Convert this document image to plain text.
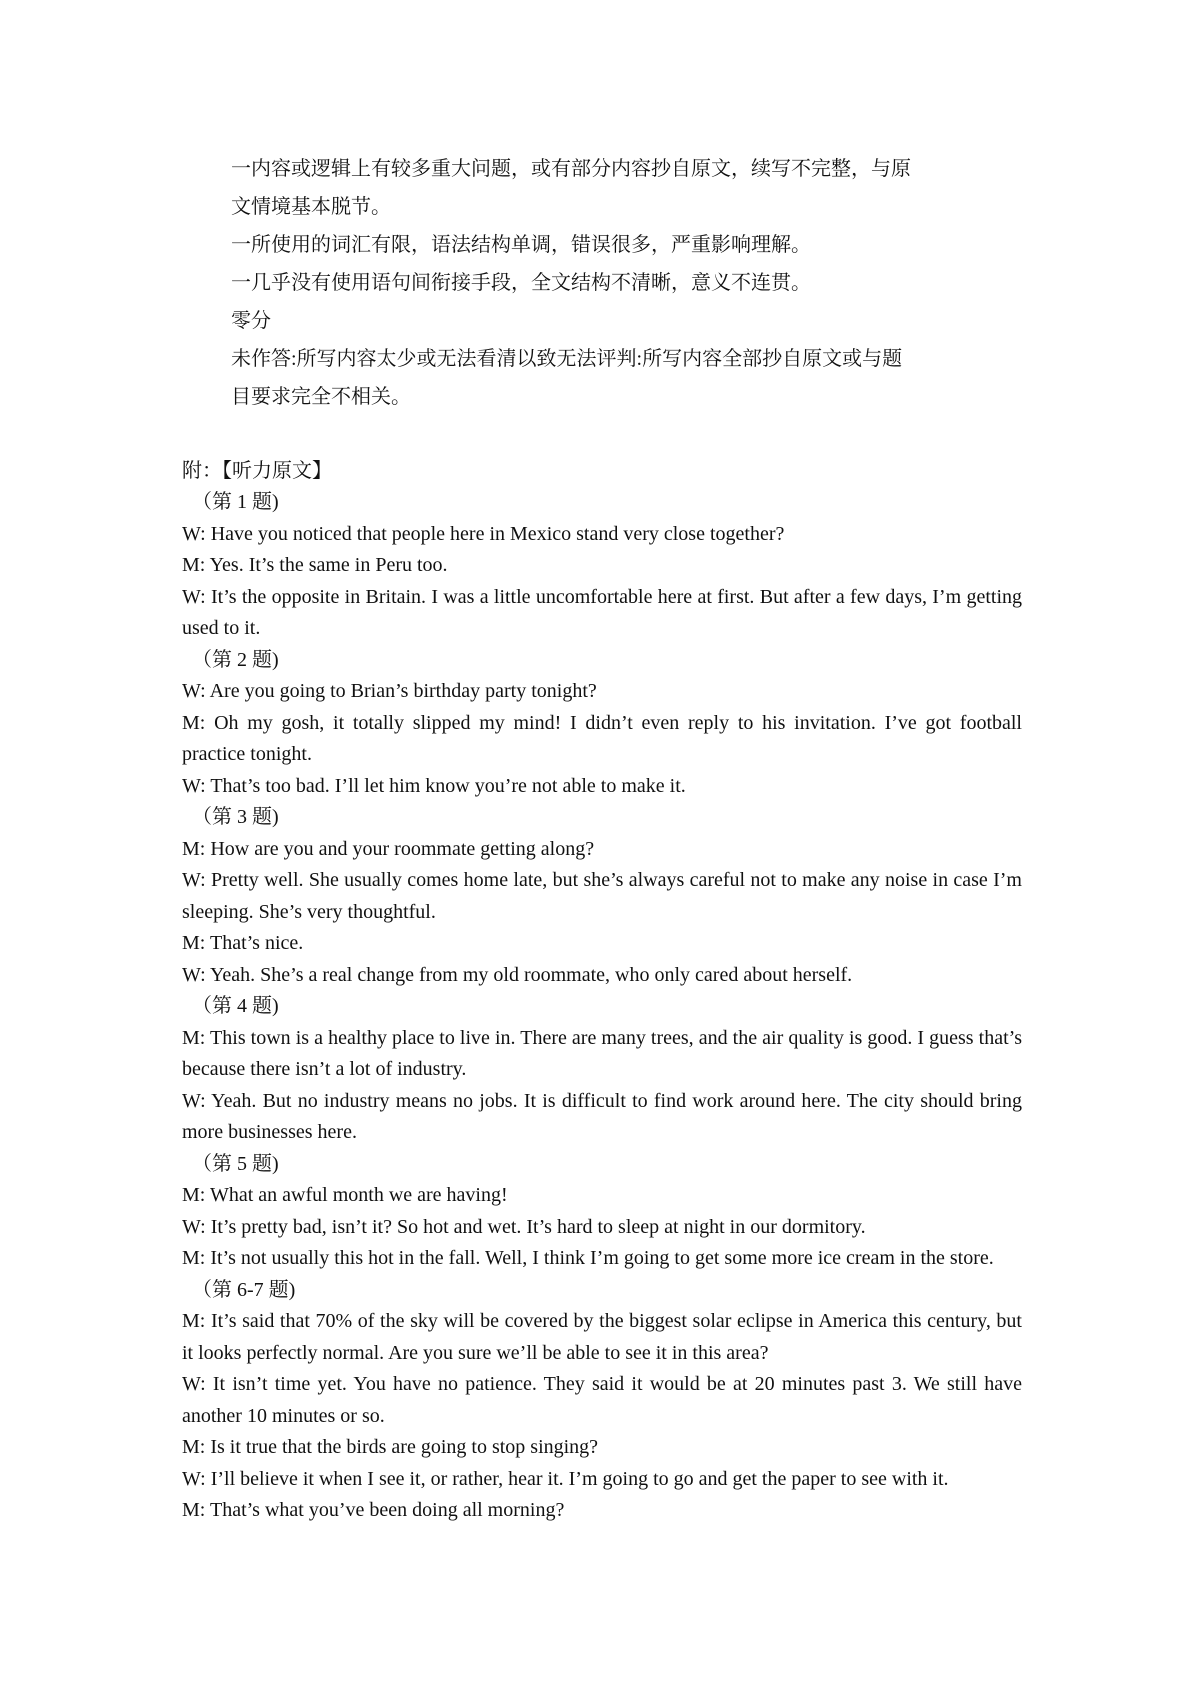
一内容或逻辑上有较多重大问题，或有部分内容抄自原文，续写不完整，与原
文情境基本脱节。
一所使用的词汇有限，语法结构单调，错误很多，严重影响理解。
一几乎没有使用语句间衔接手段，全文结构不清晰，意义不连贯。
零分
未作答:所写内容太少或无法看清以致无法评判:所写内容全部抄自原文或与题
目要求完全不相关。
附：【听力原文】
（第 1 题)
W: Have you noticed that people here in Mexico stand very close together?
M: Yes. It’s the same in Peru too.
W: It’s the opposite in Britain. I was a little uncomfortable here at first. But after a few days, I’m getting used to it.
（第 2 题)
W: Are you going to Brian’s birthday party tonight?
M: Oh my gosh, it totally slipped my mind! I didn’t even reply to his invitation. I’ve got football practice tonight.
W: That’s too bad. I’ll let him know you’re not able to make it.
（第 3 题)
M: How are you and your roommate getting along?
W: Pretty well. She usually comes home late, but she’s always careful not to make any noise in case I’m sleeping. She’s very thoughtful.
M: That’s nice.
W: Yeah. She’s a real change from my old roommate, who only cared about herself.
（第 4 题)
M: This town is a healthy place to live in. There are many trees, and the air quality is good. I guess that’s because there isn’t a lot of industry.
W: Yeah. But no industry means no jobs. It is difficult to find work around here. The city should bring more businesses here.
（第 5 题)
M: What an awful month we are having!
W: It’s pretty bad, isn’t it? So hot and wet. It’s hard to sleep at night in our dormitory.
M: It’s not usually this hot in the fall. Well, I think I’m going to get some more ice cream in the store.
（第 6-7 题)
M: It’s said that 70% of the sky will be covered by the biggest solar eclipse in America this century, but it looks perfectly normal. Are you sure we’ll be able to see it in this area?
W: It isn’t time yet. You have no patience. They said it would be at 20 minutes past 3. We still have another 10 minutes or so.
M: Is it true that the birds are going to stop singing?
W: I’ll believe it when I see it, or rather, hear it. I’m going to go and get the paper to see with it.
M: That’s what you’ve been doing all morning?
